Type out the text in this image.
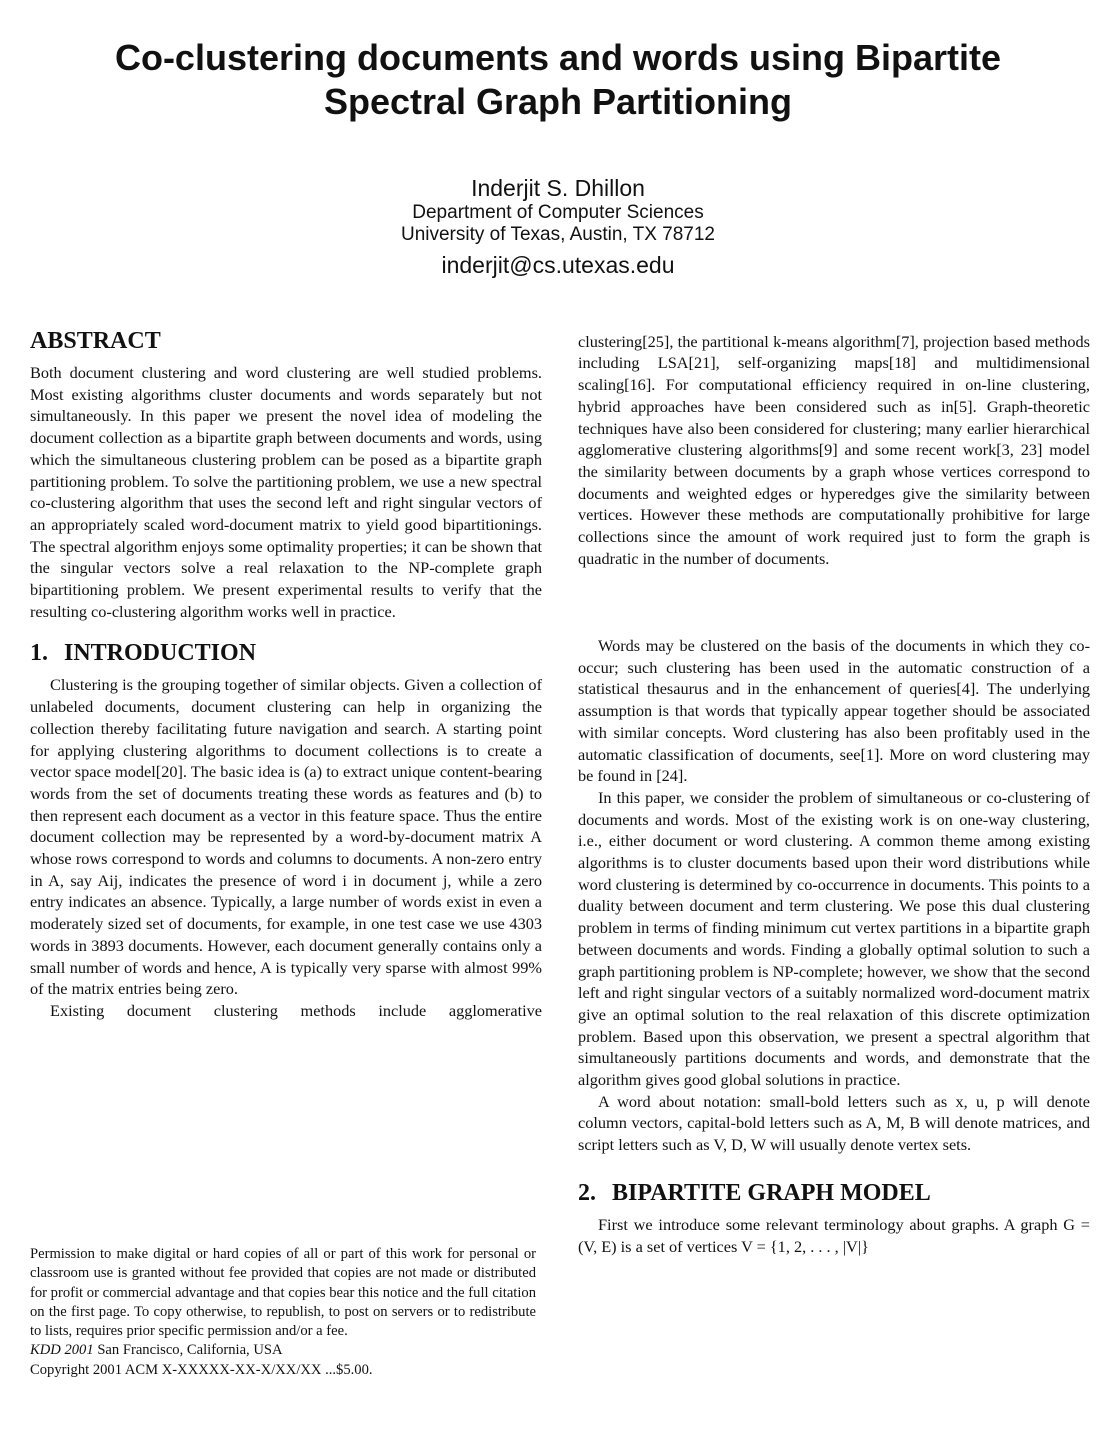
Co-clustering documents and words using Bipartite Spectral Graph Partitioning
Inderjit S. Dhillon
Department of Computer Sciences
University of Texas, Austin, TX 78712
inderjit@cs.utexas.edu
ABSTRACT

Both document clustering and word clustering are well studied problems. Most existing algorithms cluster documents and words separately but not simultaneously. In this paper we present the novel idea of modeling the document collection as a bipartite graph between documents and words, using which the simultaneous clustering problem can be posed as a bipartite graph partitioning problem. To solve the partitioning problem, we use a new spectral co-clustering algorithm that uses the second left and right singular vectors of an appropriately scaled word-document matrix to yield good bipartitionings. The spectral algorithm enjoys some optimality properties; it can be shown that the singular vectors solve a real relaxation to the NP-complete graph bipartitioning problem. We present experimental results to verify that the resulting co-clustering algorithm works well in practice.

1. INTRODUCTION

Clustering is the grouping together of similar objects. Given a collection of unlabeled documents, document clustering can help in organizing the collection thereby facilitating future navigation and search. A starting point for applying clustering algorithms to document collections is to create a vector space model[20]. The basic idea is (a) to extract unique content-bearing words from the set of documents treating these words as features and (b) to then represent each document as a vector in this feature space. Thus the entire document collection may be represented by a word-by-document matrix A whose rows correspond to words and columns to documents. A non-zero entry in A, say Aij, indicates the presence of word i in document j, while a zero entry indicates an absence. Typically, a large number of words exist in even a moderately sized set of documents, for example, in one test case we use 4303 words in 3893 documents. However, each document generally contains only a small number of words and hence, A is typically very sparse with almost 99% of the matrix entries being zero.

Existing document clustering methods include agglomerative

clustering[25], the partitional k-means algorithm[7], projection based methods including LSA[21], self-organizing maps[18] and multidimensional scaling[16]. For computational efficiency required in on-line clustering, hybrid approaches have been considered such as in[5]. Graph-theoretic techniques have also been considered for clustering; many earlier hierarchical agglomerative clustering algorithms[9] and some recent work[3, 23] model the similarity between documents by a graph whose vertices correspond to documents and weighted edges or hyperedges give the similarity between vertices. However these methods are computationally prohibitive for large collections since the amount of work required just to form the graph is quadratic in the number of documents.

Words may be clustered on the basis of the documents in which they co-occur; such clustering has been used in the automatic construction of a statistical thesaurus and in the enhancement of queries[4]. The underlying assumption is that words that typically appear together should be associated with similar concepts. Word clustering has also been profitably used in the automatic classification of documents, see[1]. More on word clustering may be found in [24].

In this paper, we consider the problem of simultaneous or co-clustering of documents and words. Most of the existing work is on one-way clustering, i.e., either document or word clustering. A common theme among existing algorithms is to cluster documents based upon their word distributions while word clustering is determined by co-occurrence in documents. This points to a duality between document and term clustering. We pose this dual clustering problem in terms of finding minimum cut vertex partitions in a bipartite graph between documents and words. Finding a globally optimal solution to such a graph partitioning problem is NP-complete; however, we show that the second left and right singular vectors of a suitably normalized word-document matrix give an optimal solution to the real relaxation of this discrete optimization problem. Based upon this observation, we present a spectral algorithm that simultaneously partitions documents and words, and demonstrate that the algorithm gives good global solutions in practice.

A word about notation: small-bold letters such as x, u, p will denote column vectors, capital-bold letters such as A, M, B will denote matrices, and script letters such as V, D, W will usually denote vertex sets.

2. BIPARTITE GRAPH MODEL

First we introduce some relevant terminology about graphs. A graph G = (V, E) is a set of vertices V = {1, 2, . . . , |V|}

Permission to make digital or hard copies of all or part of this work for personal or classroom use is granted without fee provided that copies are not made or distributed for profit or commercial advantage and that copies bear this notice and the full citation on the first page. To copy otherwise, to republish, to post on servers or to redistribute to lists, requires prior specific permission and/or a fee.

KDD 2001 San Francisco, California, USA

Copyright 2001 ACM X-XXXXX-XX-X/XX/XX ...$5.00.
